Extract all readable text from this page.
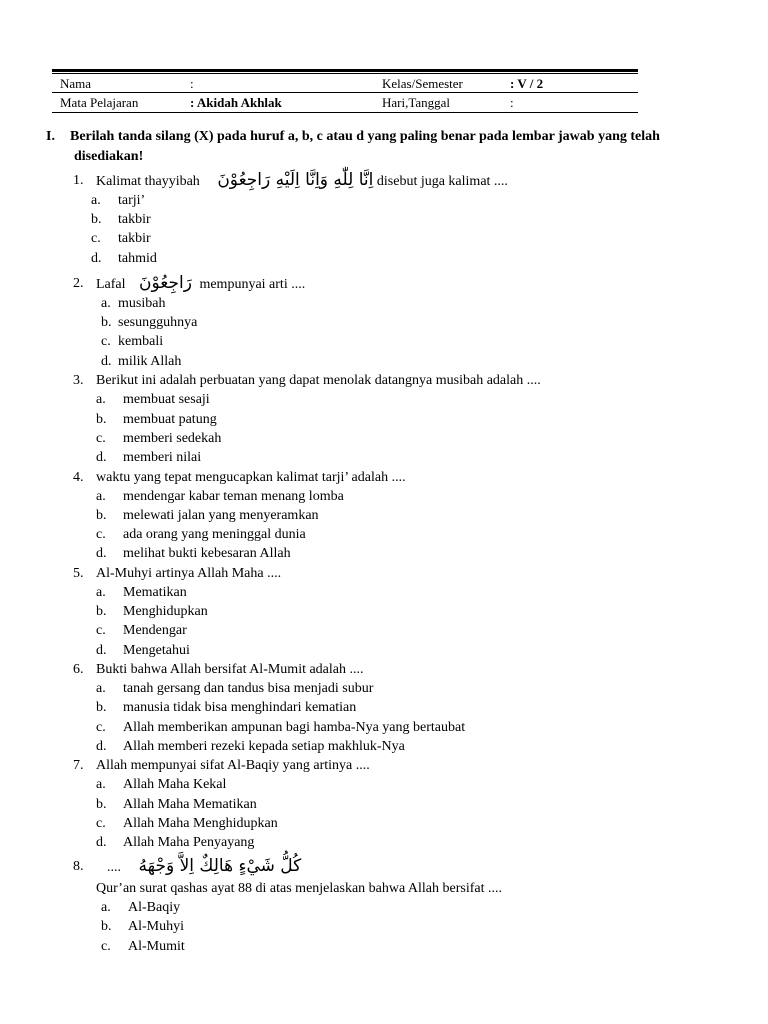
Nama	:	Kelas/Semester	: V / 2
Mata Pelajaran	: Akidah Akhlak	Hari,Tanggal	:
I. Berilah tanda silang (X) pada huruf a, b, c atau d yang paling benar pada lembar jawab yang telah
disediakan!
1. Kalimat thayyibah اِنَّا لِلّٰهِ وَاِنَّا اِلَيْهِ رَاجِعُوْنَ disebut juga kalimat ....
a. tarji’
b. takbir
c. takbir
d. tahmid
2. Lafal رَاجِعُوْنَ mempunyai arti ....
a. musibah
b. sesungguhnya
c. kembali
d. milik Allah
3. Berikut ini adalah perbuatan yang dapat menolak datangnya musibah adalah ....
a. membuat sesaji
b. membuat patung
c. memberi sedekah
d. memberi nilai
4. waktu yang tepat mengucapkan kalimat tarji’ adalah ....
a. mendengar kabar teman menang lomba
b. melewati jalan yang menyeramkan
c. ada orang yang meninggal dunia
d. melihat bukti kebesaran Allah
5. Al-Muhyi artinya Allah Maha ....
a. Mematikan
b. Menghidupkan
c. Mendengar
d. Mengetahui
6. Bukti bahwa Allah bersifat Al-Mumit adalah ....
a. tanah gersang dan tandus bisa menjadi subur
b. manusia tidak bisa menghindari kematian
c. Allah memberikan ampunan bagi hamba-Nya yang bertaubat
d. Allah memberi rezeki kepada setiap makhluk-Nya
7. Allah mempunyai sifat Al-Baqiy yang artinya ....
a. Allah Maha Kekal
b. Allah Maha Mematikan
c. Allah Maha Menghidupkan
d. Allah Maha Penyayang
8. .... كُلُّ شَيْءٍ هَالِكٌ اِلاَّ وَجْهَهُ
Qur’an surat qashas ayat 88 di atas menjelaskan bahwa Allah bersifat ....
a. Al-Baqiy
b. Al-Muhyi
c. Al-Mumit
